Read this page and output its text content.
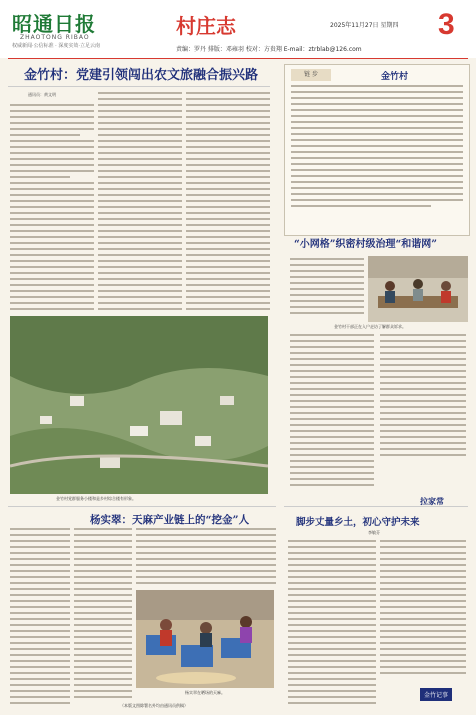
昭通日报
ZHAOTONG RIBAO
权威新闻·公信标准 · 深度实效·立足云南
村庄志	2025年11月27日 星期四 3
责编：罗丹 排版：邓雍羽 校对：方贵翔 E-mail：ztrblab@126.com
金竹村：党建引领闯出农文旅融合振兴路
通讯员：黄文明
金竹村党群服务小楼和是乡村综合楼有形象。
杨实翠：天麻产业链上的“挖金”人
杨实翠在晒场的天麻。
（本版文图除署名外均由通讯员供稿）
链 步	金竹村
“小网格”织密村级治理“和谐网”
金竹村干部正在入户走访了解群众诉求。
拉家常
脚步丈量乡土，初心守护未来
李敏芬
金竹记事
